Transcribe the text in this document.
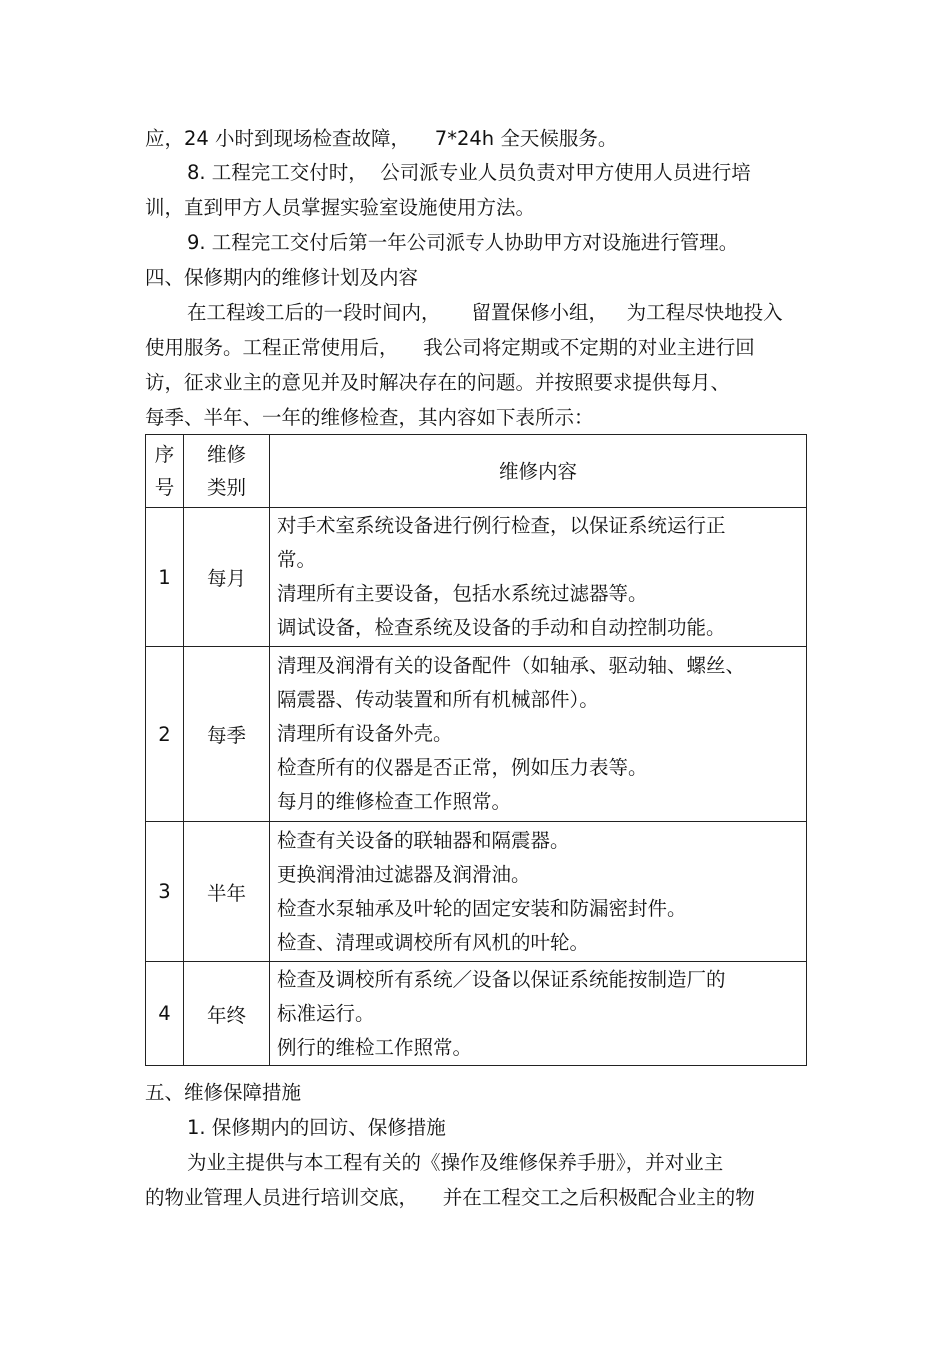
应，24 小时到现场检查故障，    7*24h 全天候服务。
8. 工程完工交付时，  公司派专业人员负责对甲方使用人员进行培
训，直到甲方人员掌握实验室设施使用方法。
9. 工程完工交付后第一年公司派专人协助甲方对设施进行管理。
四、保修期内的维修计划及内容
在工程竣工后的一段时间内，     留置保修小组，   为工程尽快地投入
使用服务。工程正常使用后，    我公司将定期或不定期的对业主进行回
访，征求业主的意见并及时解决存在的问题。并按照要求提供每月、
每季、半年、一年的维修检查，其内容如下表所示：
序
号	维修
类别	维修内容
1	每月	对手术室系统设备进行例行检查，以保证系统运行正
常。
清理所有主要设备，包括水系统过滤器等。
调试设备，检查系统及设备的手动和自动控制功能。

2	每季	清理及润滑有关的设备配件（如轴承、驱动轴、螺丝、
隔震器、传动装置和所有机械部件）。
清理所有设备外壳。
检查所有的仪器是否正常，例如压力表等。
每月的维修检查工作照常。

3	半年	检查有关设备的联轴器和隔震器。
更换润滑油过滤器及润滑油。
检查水泵轴承及叶轮的固定安装和防漏密封件。
检查、清理或调校所有风机的叶轮。

4	年终	检查及调校所有系统／设备以保证系统能按制造厂的
标准运行。
例行的维检工作照常。
五、维修保障措施
1. 保修期内的回访、保修措施
为业主提供与本工程有关的《操作及维修保养手册》，并对业主
的物业管理人员进行培训交底，    并在工程交工之后积极配合业主的物
